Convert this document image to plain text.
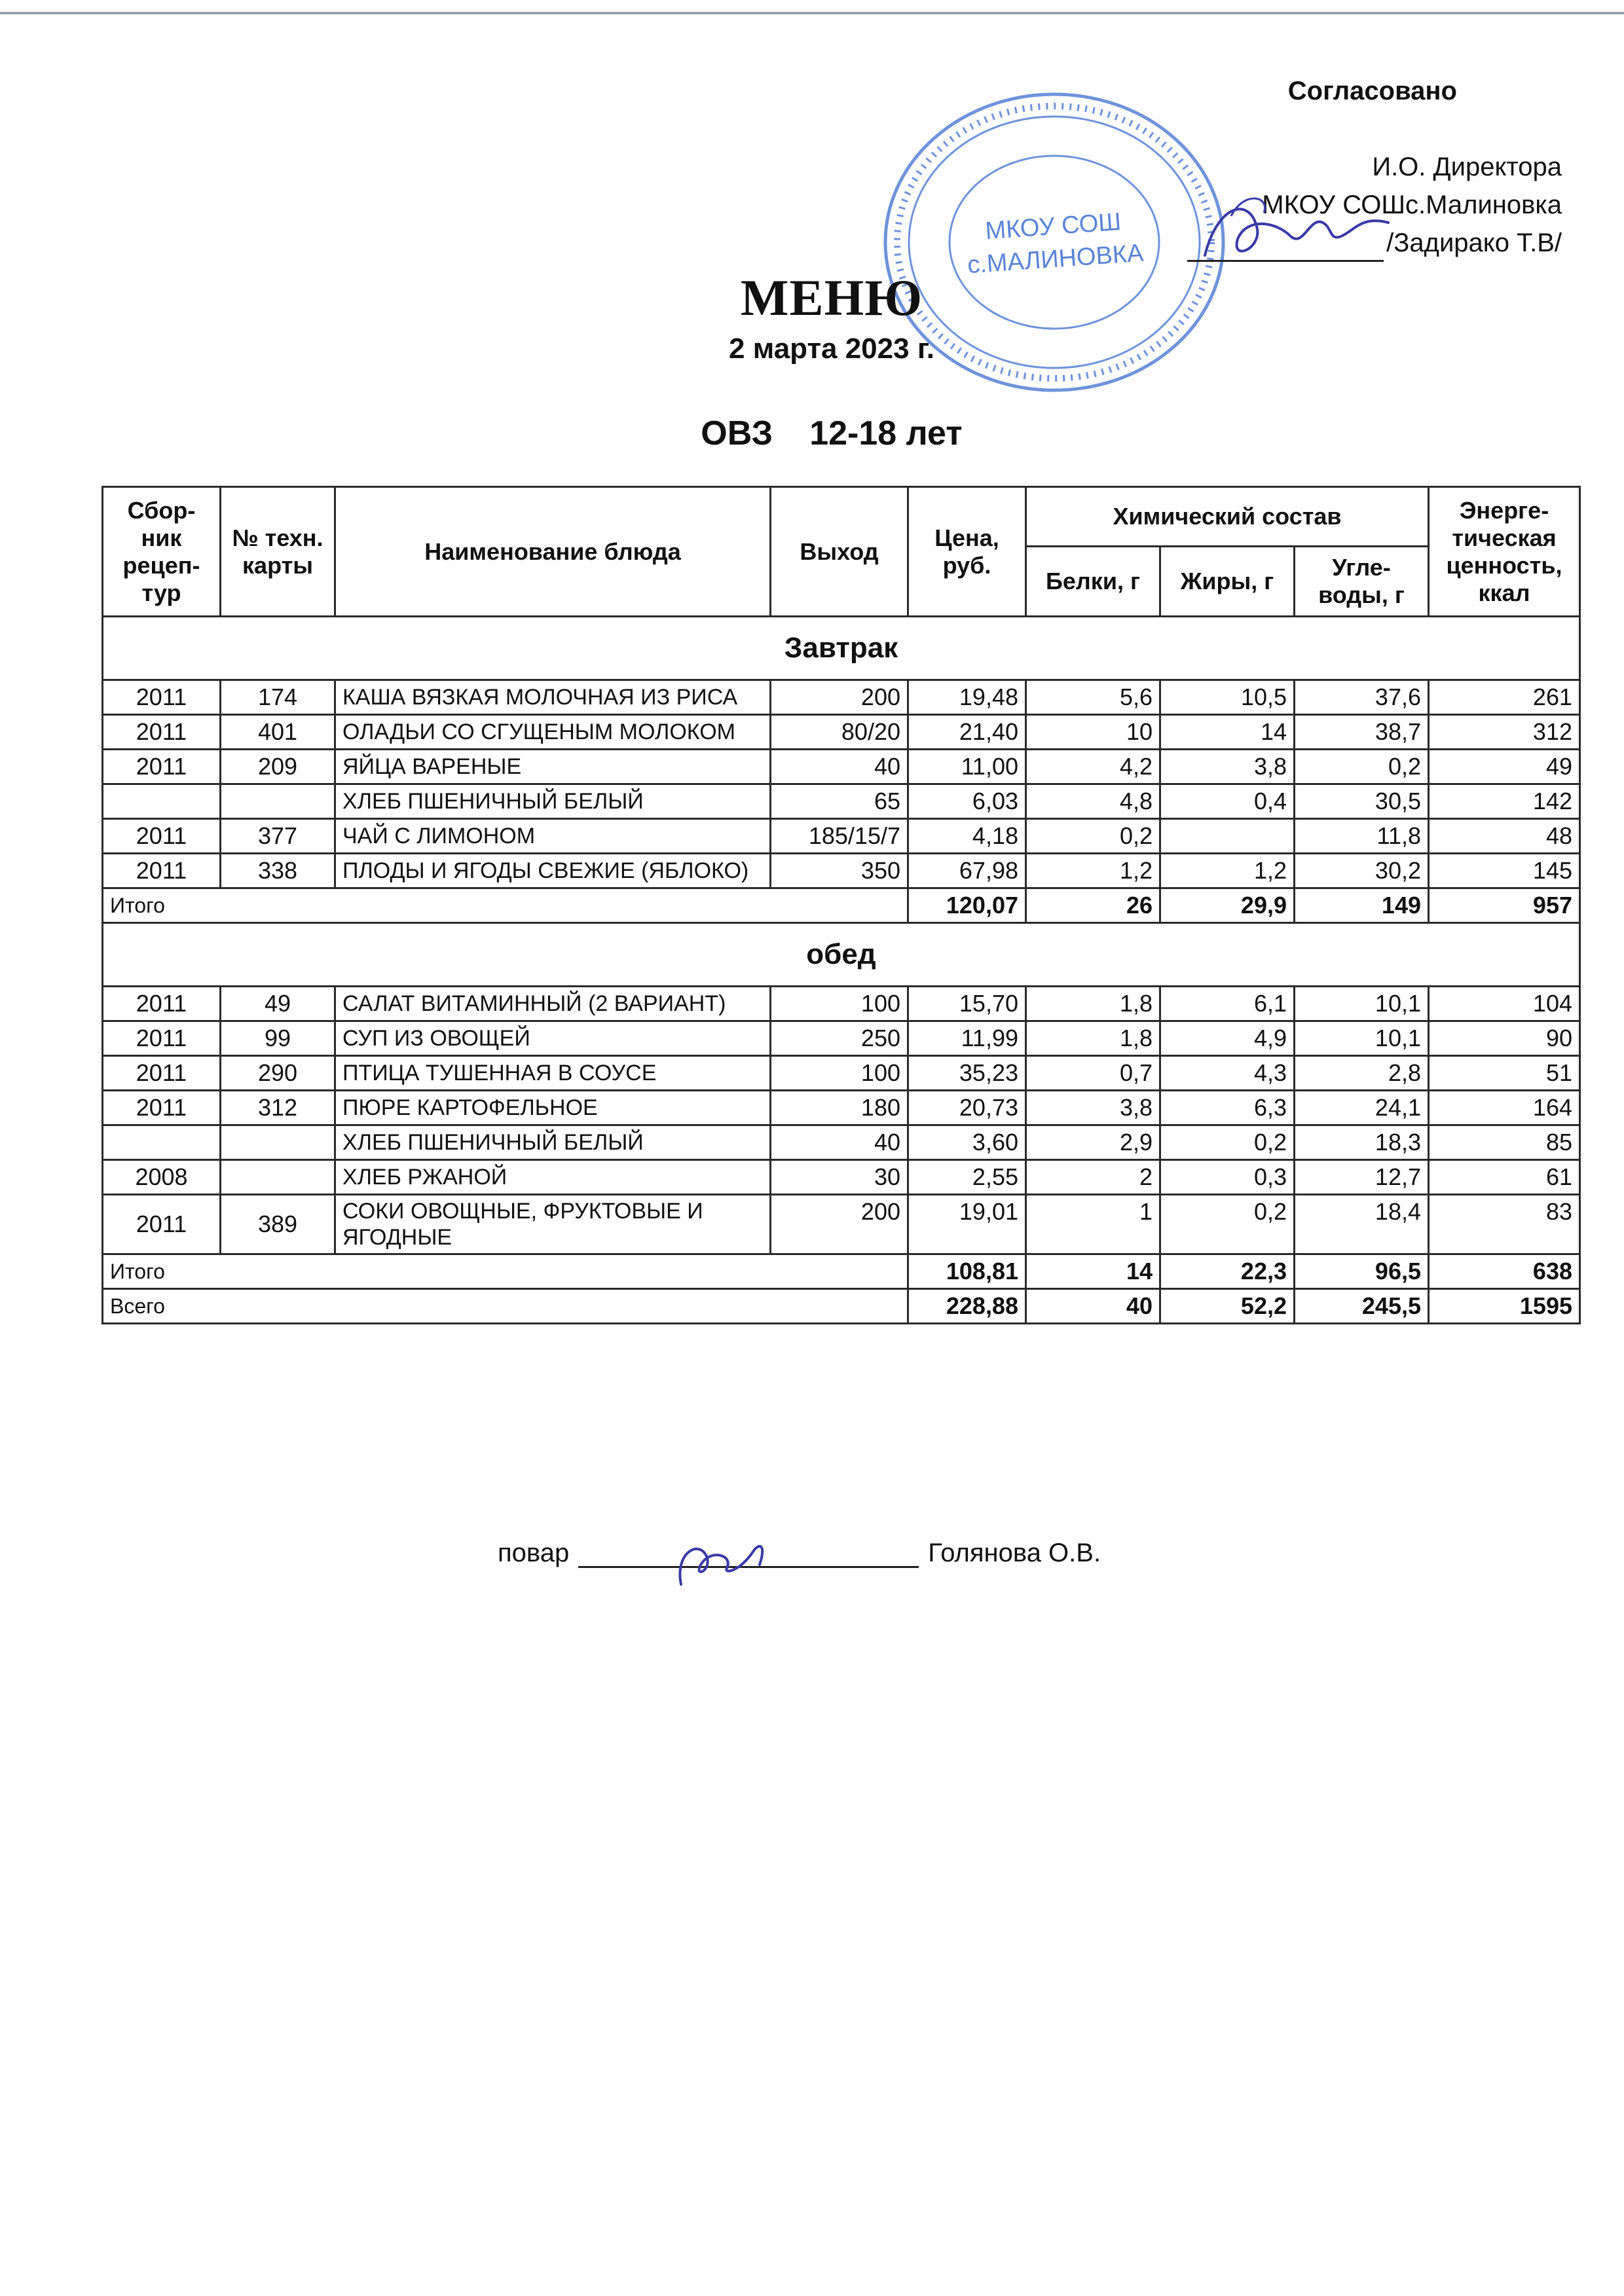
МКОУ СОШ
с.МАЛИНОВКА
Согласовано
И.О. Директора
МКОУ СОШс.Малиновка
/Задирако Т.В/
МЕНЮ
2 марта 2023 г.
ОВЗ 12-18 лет
Сбор-ник рецеп-тур	№ техн. карты	Наименование блюда	Выход	Цена, руб.	Химический состав			Энерге-тическая ценность, ккал
					Белки, г	Жиры, г	Угле-воды, г	
Завтрак								
2011	174	КАША ВЯЗКАЯ МОЛОЧНАЯ ИЗ РИСА	200	19,48	5,6	10,5	37,6	261
2011	401	ОЛАДЬИ СО СГУЩЕНЫМ МОЛОКОМ	80/20	21,40	10	14	38,7	312
2011	209	ЯЙЦА ВАРЕНЫЕ	40	11,00	4,2	3,8	0,2	49
		ХЛЕБ ПШЕНИЧНЫЙ БЕЛЫЙ	65	6,03	4,8	0,4	30,5	142
2011	377	ЧАЙ С ЛИМОНОМ	185/15/7	4,18	0,2		11,8	48
2011	338	ПЛОДЫ И ЯГОДЫ СВЕЖИЕ (ЯБЛОКО)	350	67,98	1,2	1,2	30,2	145
Итого				120,07	26	29,9	149	957
обед								
2011	49	САЛАТ ВИТАМИННЫЙ (2 ВАРИАНТ)	100	15,70	1,8	6,1	10,1	104
2011	99	СУП ИЗ ОВОЩЕЙ	250	11,99	1,8	4,9	10,1	90
2011	290	ПТИЦА ТУШЕННАЯ В СОУСЕ	100	35,23	0,7	4,3	2,8	51
2011	312	ПЮРЕ КАРТОФЕЛЬНОЕ	180	20,73	3,8	6,3	24,1	164
		ХЛЕБ ПШЕНИЧНЫЙ БЕЛЫЙ	40	3,60	2,9	0,2	18,3	85
2008		ХЛЕБ РЖАНОЙ	30	2,55	2	0,3	12,7	61
2011	389	СОКИ ОВОЩНЫЕ, ФРУКТОВЫЕ И ЯГОДНЫЕ	200	19,01	1	0,2	18,4	83
Итого				108,81	14	22,3	96,5	638
Всего				228,88	40	52,2	245,5	1595
повар	Голянова О.В.
